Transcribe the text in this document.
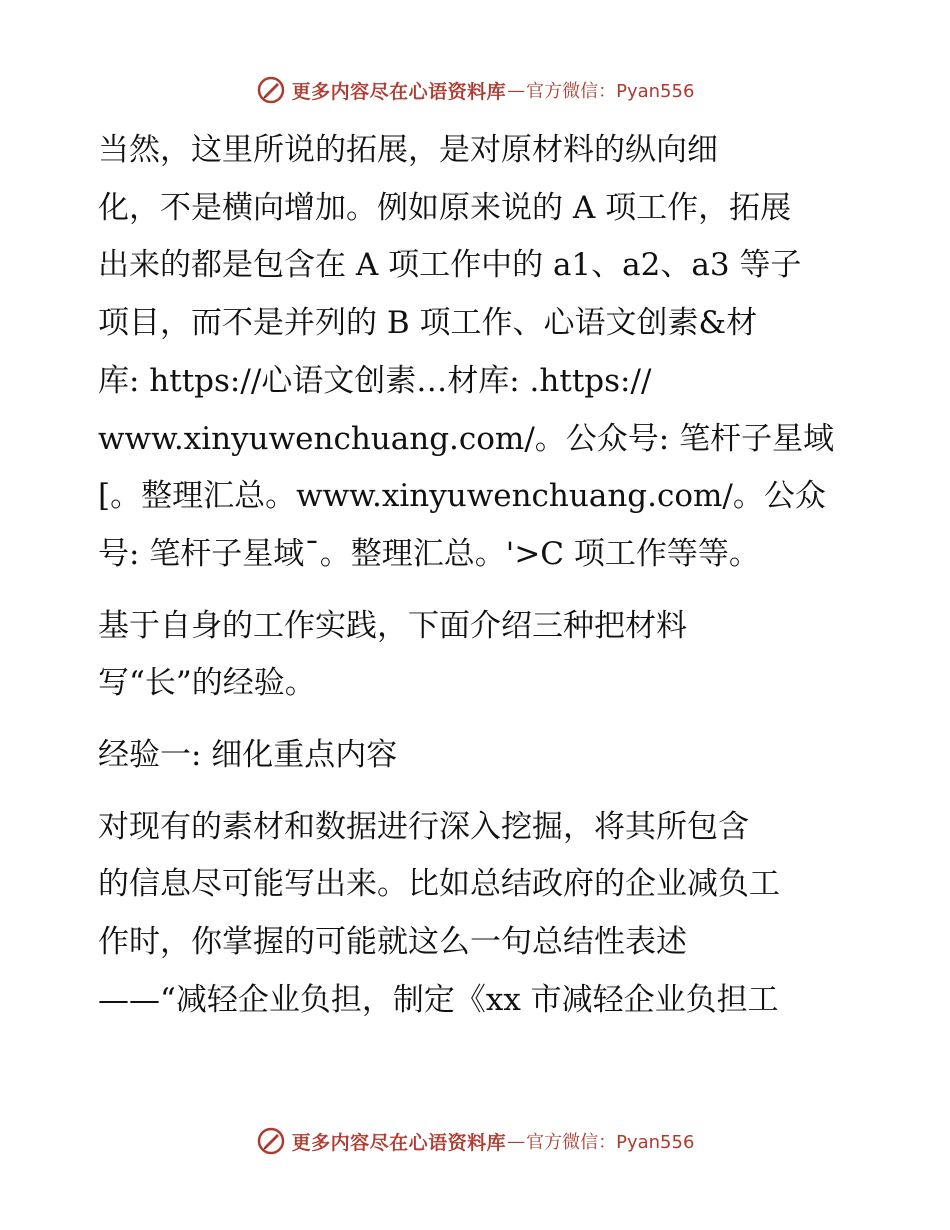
更多内容尽在心语资料库 — 官方微信：Pyan556

当然，这里所说的拓展，是对原材料的纵向细
化，不是横向增加。例如原来说的 A 项工作，拓展
出来的都是包含在 A 项工作中的 a1、a2、a3 等子
项目，而不是并列的 B 项工作、心语文创素&材
库: https://心语文创素…材库: .https://
www.xinyuwenchuang.com/。公众号: 笔杆子星域
[。整理汇总。www.xinyuwenchuang.com/。公众
号: 笔杆子星域¯。整理汇总。'>C 项工作等等。

基于自身的工作实践，下面介绍三种把材料
写“长”的经验。

经验一: 细化重点内容

对现有的素材和数据进行深入挖掘，将其所包含
的信息尽可能写出来。比如总结政府的企业减负工
作时，你掌握的可能就这么一句总结性表述
——“减轻企业负担，制定《xx 市减轻企业负担工

更多内容尽在心语资料库 — 官方微信：Pyan556
